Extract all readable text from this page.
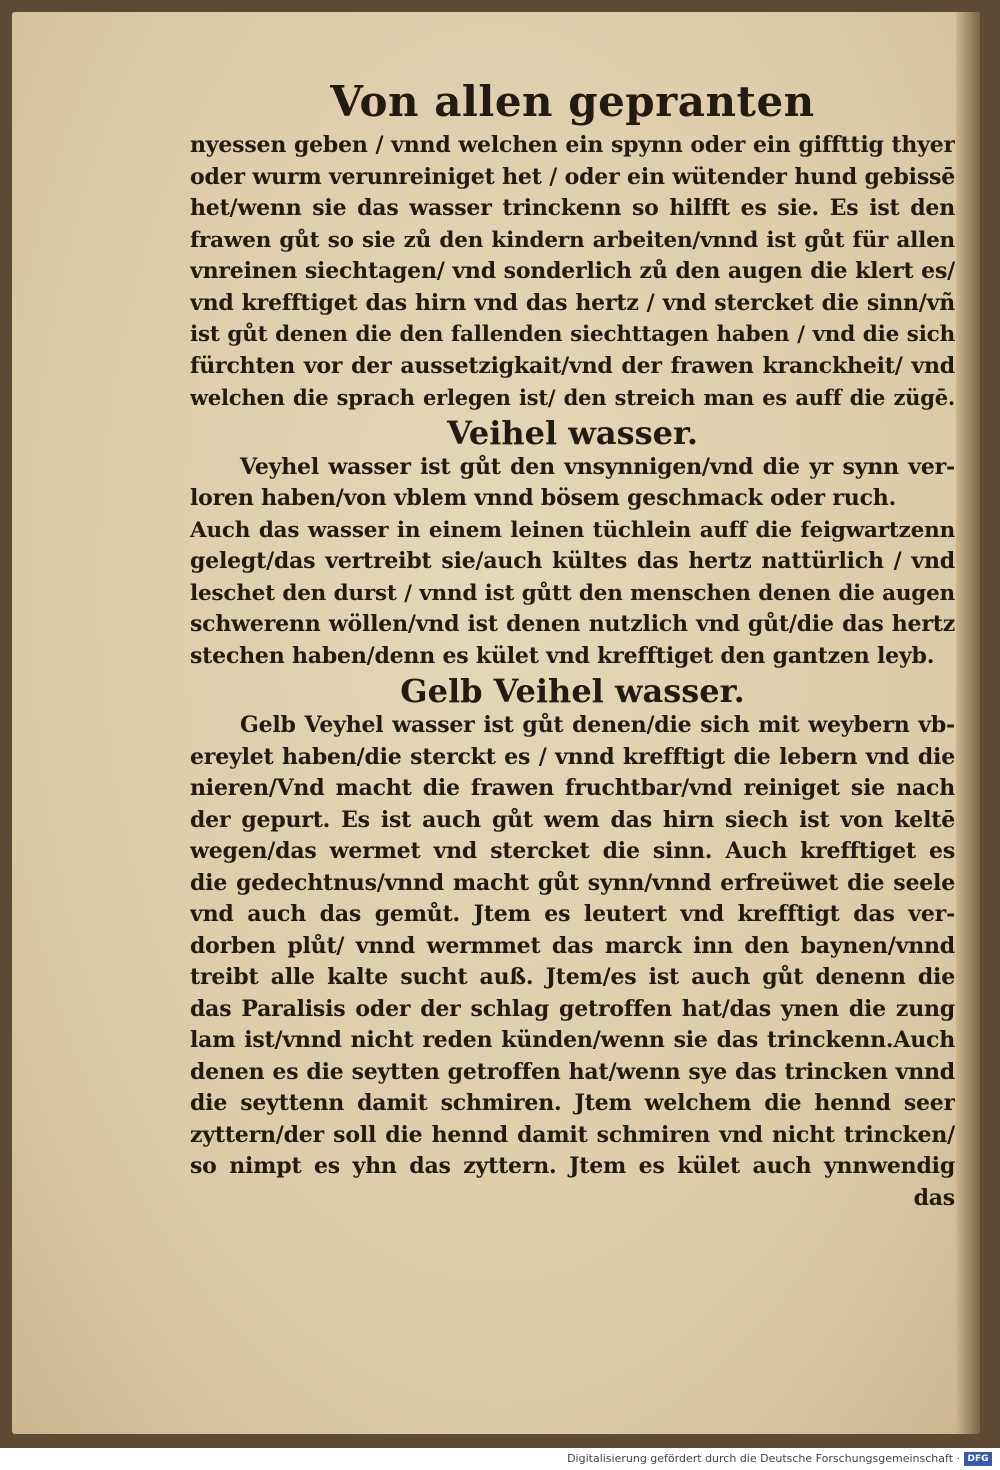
Von allen gepranten
nyessen geben / vnnd welchen ein spynn oder ein giffttig thyer
oder wurm verunreiniget het / oder ein wütender hund gebissē
het/wenn sie das wasser trinckenn so hilfft es sie. Es ist den
frawen gůt so sie zů den kindern arbeiten/vnnd ist gůt für allen
vnreinen siechtagen/ vnd sonderlich zů den augen die klert es/
vnd krefftiget das hirn vnd das hertz / vnd stercket die sinn/vñ
ist gůt denen die den fallenden siechttagen haben / vnd die sich
fürchten vor der aussetzigkait/vnd der frawen kranckheit/ vnd
welchen die sprach erlegen ist/ den streich man es auff die zügē.
Veihel wasser.
Veyhel wasser ist gůt den vnsynnigen/vnd die yr synn ver-
loren haben/von vblem vnnd bösem geschmack oder ruch.
Auch das wasser in einem leinen tüchlein auff die feigwartzenn
gelegt/das vertreibt sie/auch kültes das hertz nattürlich / vnd
leschet den durst / vnnd ist gůtt den menschen denen die augen
schwerenn wöllen/vnd ist denen nutzlich vnd gůt/die das hertz
stechen haben/denn es kület vnd krefftiget den gantzen leyb.
Gelb Veihel wasser.
Gelb Veyhel wasser ist gůt denen/die sich mit weybern vb-
ereylet haben/die sterckt es / vnnd krefftigt die lebern vnd die
nieren/Vnd macht die frawen fruchtbar/vnd reiniget sie nach
der gepurt. Es ist auch gůt wem das hirn siech ist von keltē
wegen/das wermet vnd stercket die sinn. Auch krefftiget es
die gedechtnus/vnnd macht gůt synn/vnnd erfreüwet die seele
vnd auch das gemůt. Jtem es leutert vnd krefftigt das ver-
dorben plůt/ vnnd wermmet das marck inn den baynen/vnnd
treibt alle kalte sucht auß. Jtem/es ist auch gůt denenn die
das Paralisis oder der schlag getroffen hat/das ynen die zung
lam ist/vnnd nicht reden künden/wenn sie das trinckenn.Auch
denen es die seytten getroffen hat/wenn sye das trincken vnnd
die seyttenn damit schmiren. Jtem welchem die hennd seer
zyttern/der soll die hennd damit schmiren vnd nicht trincken/
so nimpt es yhn das zyttern. Jtem es kület auch ynnwendig
das
Digitalisierung gefördert durch die Deutsche Forschungsgemeinschaft · DFG
